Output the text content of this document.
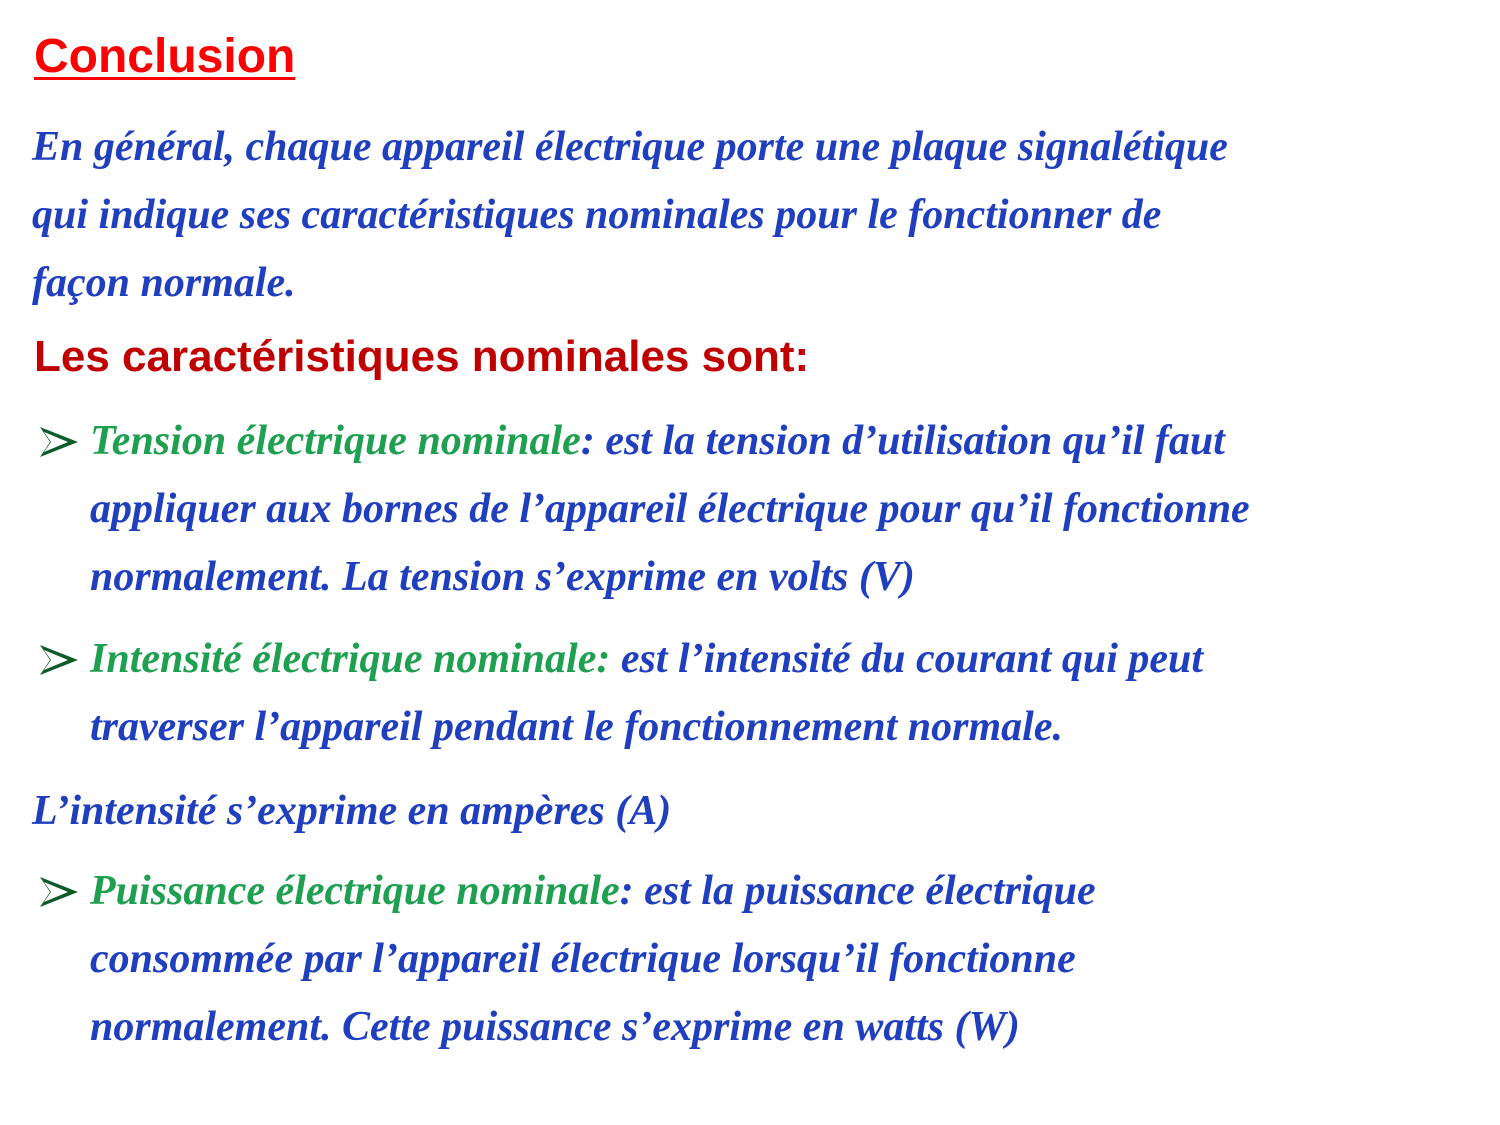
Conclusion

En général, chaque appareil électrique porte une plaque signalétique
qui indique ses caractéristiques nominales pour le fonctionner de
façon normale.

Les caractéristiques nominales sont:

Tension électrique nominale: est la tension d’utilisation qu’il faut
appliquer aux bornes de l’appareil électrique pour qu’il fonctionne
normalement. La tension s’exprime en volts (V)

Intensité électrique nominale: est l’intensité du courant qui peut
traverser l’appareil pendant le fonctionnement normale.

L’intensité s’exprime en ampères (A)

Puissance électrique nominale: est la puissance électrique
consommée par l’appareil électrique lorsqu’il fonctionne
normalement. Cette puissance s’exprime en watts (W)
